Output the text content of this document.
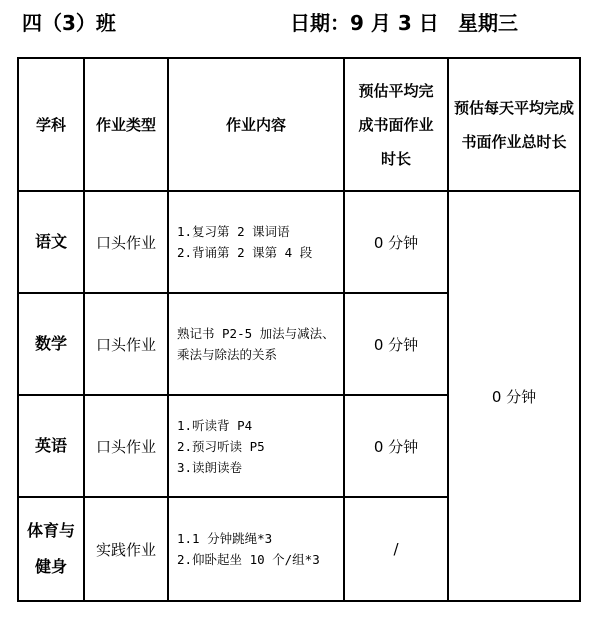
四（3）班	日期：9 月 3 日 星期三
学科	作业类型	作业内容	预估平均完
成书面作业
时长	预估每天平均完成
书面作业总时长

语文	口头作业	1.复习第 2 课词语
2.背诵第 2 课第 4 段	0 分钟	0 分钟

数学	口头作业	熟记书 P2-5 加法与减法、
乘法与除法的关系	0 分钟	

英语	口头作业	1.听读背 P4
2.预习听读 P5
3.读朗读卷	0 分钟	

体育与
健身	实践作业	1.1 分钟跳绳*3
2.仰卧起坐 10 个/组*3	/	
